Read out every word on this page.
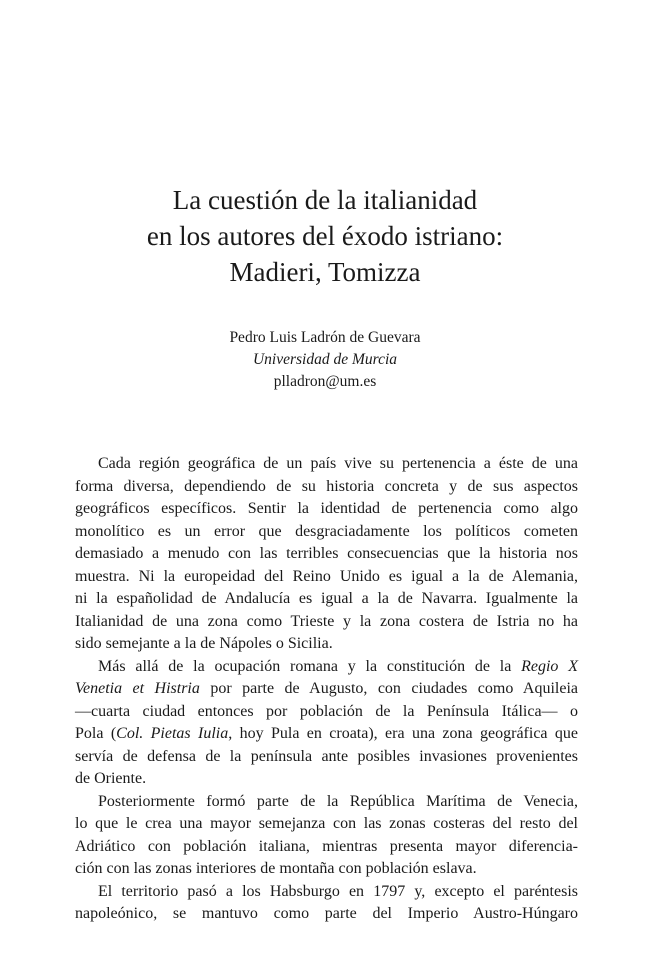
La cuestión de la italianidad
en los autores del éxodo istriano:
Madieri, Tomizza
Pedro Luis Ladrón de Guevara
Universidad de Murcia
plladron@um.es
Cada región geográfica de un país vive su pertenencia a éste de una
forma diversa, dependiendo de su historia concreta y de sus aspectos
geográficos específicos. Sentir la identidad de pertenencia como algo
monolítico es un error que desgraciadamente los políticos cometen
demasiado a menudo con las terribles consecuencias que la historia nos
muestra. Ni la europeidad del Reino Unido es igual a la de Alemania,
ni la españolidad de Andalucía es igual a la de Navarra. Igualmente la
Italianidad de una zona como Trieste y la zona costera de Istria no ha
sido semejante a la de Nápoles o Sicilia.
Más allá de la ocupación romana y la constitución de la Regio X
Venetia et Histria por parte de Augusto, con ciudades como Aquileia
—cuarta ciudad entonces por población de la Península Itálica— o
Pola (Col. Pietas Iulia, hoy Pula en croata), era una zona geográfica que
servía de defensa de la península ante posibles invasiones provenientes
de Oriente.
Posteriormente formó parte de la República Marítima de Venecia,
lo que le crea una mayor semejanza con las zonas costeras del resto del
Adriático con población italiana, mientras presenta mayor diferencia-
ción con las zonas interiores de montaña con población eslava.
El territorio pasó a los Habsburgo en 1797 y, excepto el paréntesis
napoleónico, se mantuvo como parte del Imperio Austro-Húngaro
